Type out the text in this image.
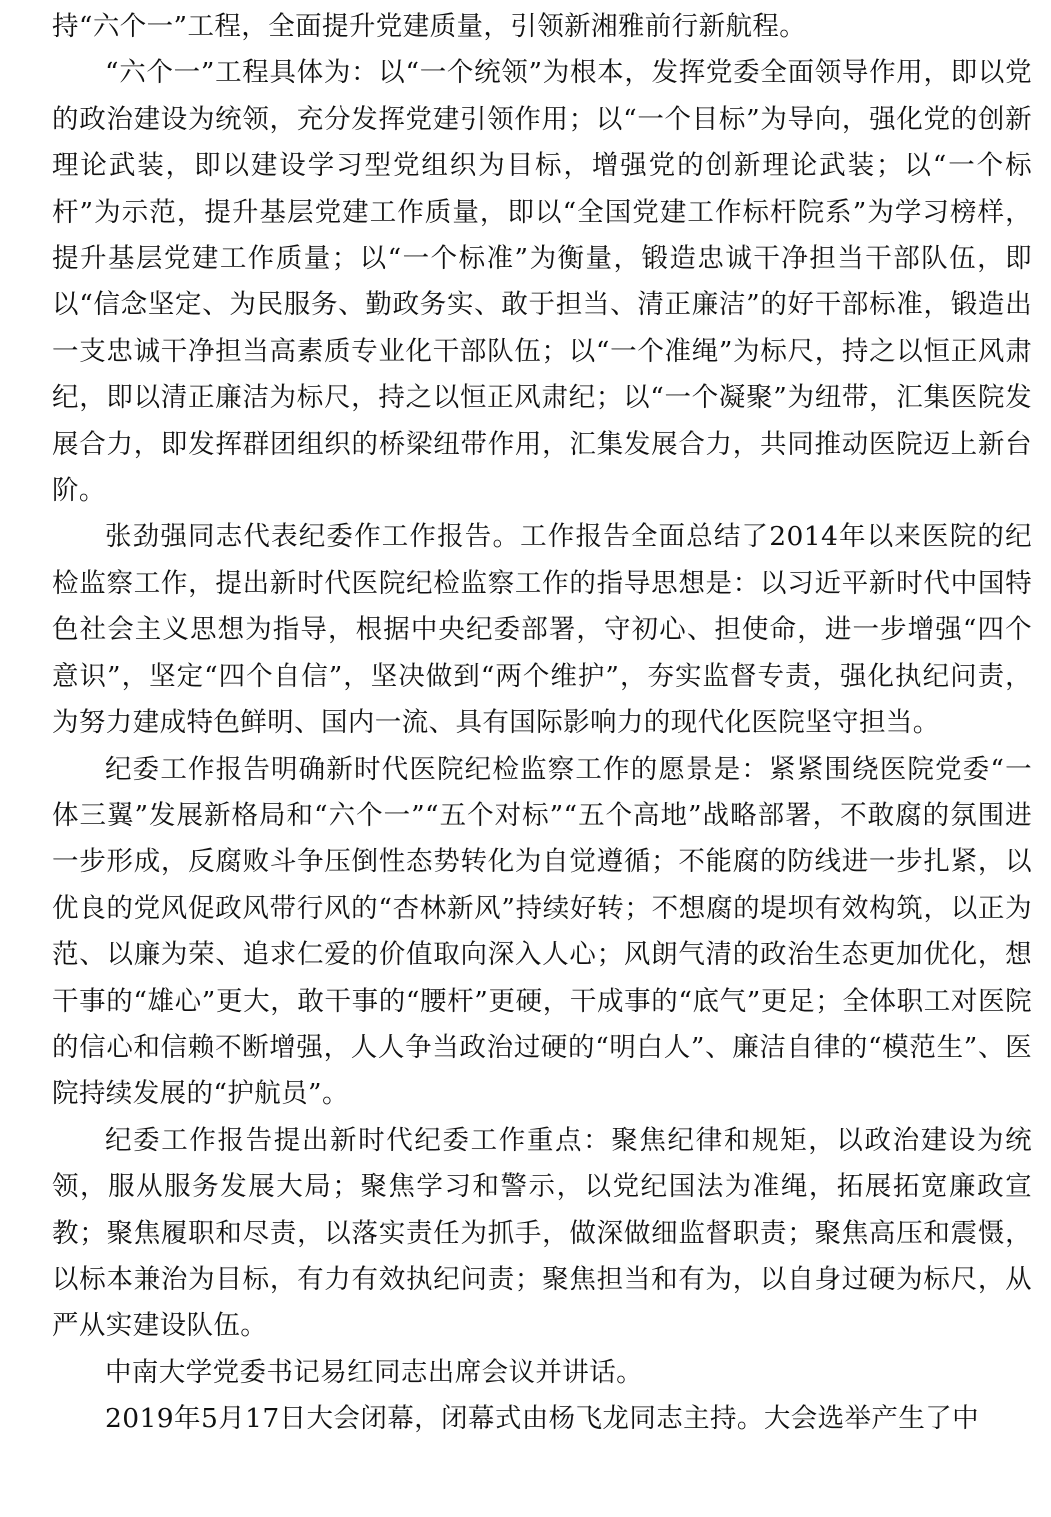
持“六个一”工程，全面提升党建质量，引领新湘雅前行新航程。

“六个一”工程具体为：以“一个统领”为根本，发挥党委全面领导作用，即以党的政治建设为统领，充分发挥党建引领作用；以“一个目标”为导向，强化党的创新理论武装，即以建设学习型党组织为目标，增强党的创新理论武装；以“一个标杆”为示范，提升基层党建工作质量，即以“全国党建工作标杆院系”为学习榜样，提升基层党建工作质量；以“一个标准”为衡量，锻造忠诚干净担当干部队伍，即以“信念坚定、为民服务、勤政务实、敢于担当、清正廉洁”的好干部标准，锻造出一支忠诚干净担当高素质专业化干部队伍；以“一个准绳”为标尺，持之以恒正风肃纪，即以清正廉洁为标尺，持之以恒正风肃纪；以“一个凝聚”为纽带，汇集医院发展合力，即发挥群团组织的桥梁纽带作用，汇集发展合力，共同推动医院迈上新台阶。

张劲强同志代表纪委作工作报告。工作报告全面总结了2014年以来医院的纪检监察工作，提出新时代医院纪检监察工作的指导思想是：以习近平新时代中国特色社会主义思想为指导，根据中央纪委部署，守初心、担使命，进一步增强“四个意识”，坚定“四个自信”，坚决做到“两个维护”，夯实监督专责，强化执纪问责，为努力建成特色鲜明、国内一流、具有国际影响力的现代化医院坚守担当。

纪委工作报告明确新时代医院纪检监察工作的愿景是：紧紧围绕医院党委“一体三翼”发展新格局和“六个一”“五个对标”“五个高地”战略部署，不敢腐的氛围进一步形成，反腐败斗争压倒性态势转化为自觉遵循；不能腐的防线进一步扎紧，以优良的党风促政风带行风的“杏林新风”持续好转；不想腐的堤坝有效构筑，以正为范、以廉为荣、追求仁爱的价值取向深入人心；风朗气清的政治生态更加优化，想干事的“雄心”更大，敢干事的“腰杆”更硬，干成事的“底气”更足；全体职工对医院的信心和信赖不断增强，人人争当政治过硬的“明白人”、廉洁自律的“模范生”、医院持续发展的“护航员”。

纪委工作报告提出新时代纪委工作重点：聚焦纪律和规矩，以政治建设为统领，服从服务发展大局；聚焦学习和警示，以党纪国法为准绳，拓展拓宽廉政宣教；聚焦履职和尽责，以落实责任为抓手，做深做细监督职责；聚焦高压和震慑，以标本兼治为目标，有力有效执纪问责；聚焦担当和有为，以自身过硬为标尺，从严从实建设队伍。

中南大学党委书记易红同志出席会议并讲话。

2019年5月17日大会闭幕，闭幕式由杨飞龙同志主持。大会选举产生了中
